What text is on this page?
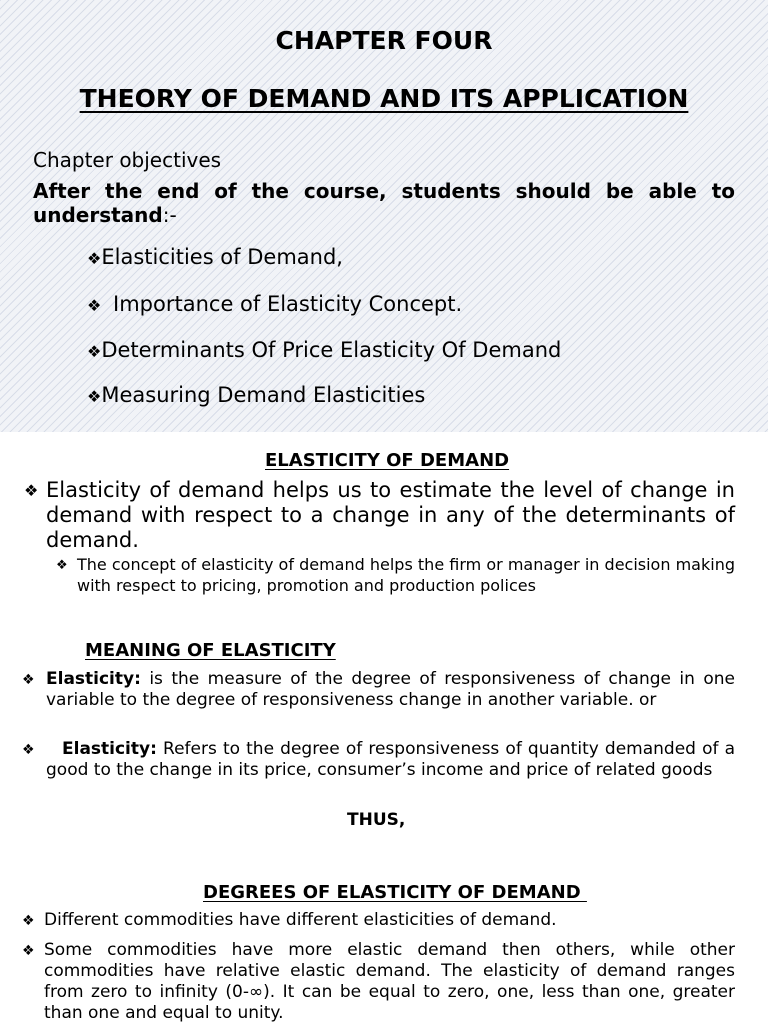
CHAPTER FOUR
THEORY OF DEMAND AND ITS APPLICATION
Chapter objectives
After the end of the course, students should be able to understand:-
❖Elasticities of Demand,
❖ Importance of Elasticity Concept.
❖Determinants Of Price Elasticity Of Demand
❖Measuring Demand Elasticities
ELASTICITY OF DEMAND
❖ Elasticity of demand helps us to estimate the level of change in demand with respect to a change in any of the determinants of demand.
❖ The concept of elasticity of demand helps the firm or manager in decision making with respect to pricing, promotion and production polices
MEANING OF ELASTICITY
❖ Elasticity: is the measure of the degree of responsiveness of change in one variable to the degree of responsiveness change in another variable. or
❖	Elasticity: Refers to the degree of responsiveness of quantity demanded of a good to the change in its price, consumer’s income and price of related goods
THUS,
DEGREES OF ELASTICITY OF DEMAND
❖ Different commodities have different elasticities of demand.
❖ Some commodities have more elastic demand then others, while other commodities have relative elastic demand. The elasticity of demand ranges from zero to infinity (0-∞). It can be equal to zero, one, less than one, greater than one and equal to unity.
